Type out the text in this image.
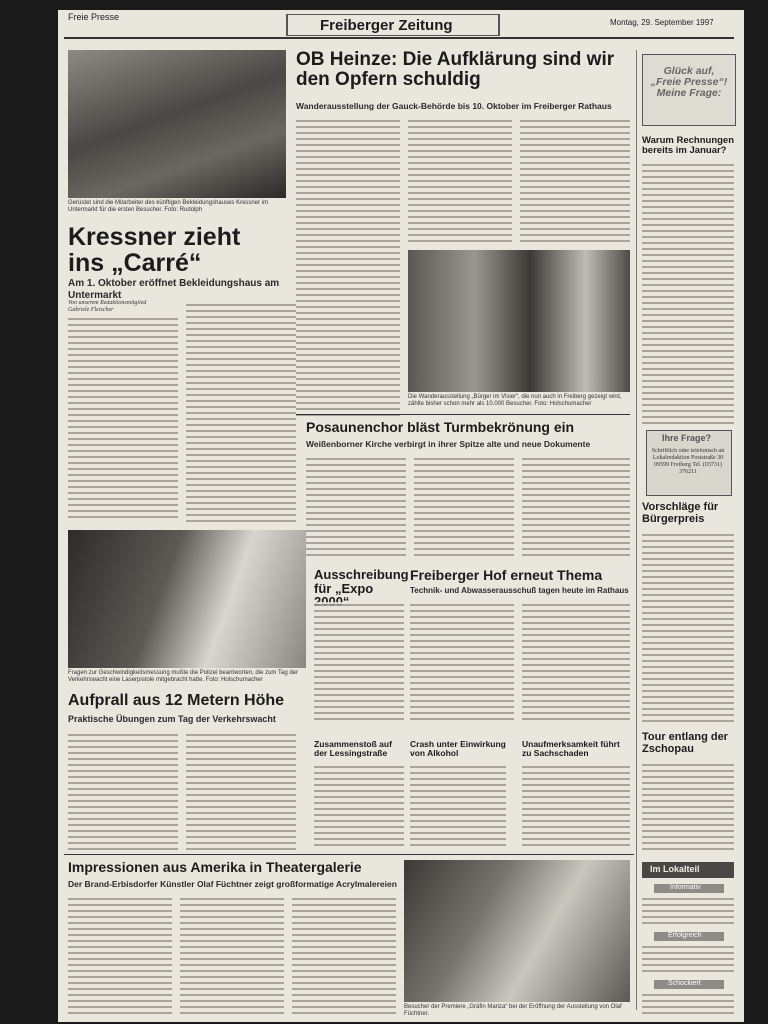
Freie Presse	Freiberger Zeitung	Montag, 29. September 1997
Gerüstet sind die Mitarbeiter des künftigen Bekleidungshauses Kressner im Untermarkt für die ersten Besucher. Foto: Rudolph
Kressner zieht ins „Carré“
Am 1. Oktober eröffnet Bekleidungshaus am Untermarkt
Von unserem Redaktionsmitglied Gabriele Fleischer
Fragen zur Geschwindigkeitsmessung mußte die Polizei beantworten, die zum Tag der Verkehrswacht eine Laserpistole mitgebracht hatte. Foto: Holschumacher
Aufprall aus 12 Metern Höhe
Praktische Übungen zum Tag der Verkehrswacht
OB Heinze: Die Aufklärung sind wir den Opfern schuldig
Wanderausstellung der Gauck-Behörde bis 10. Oktober im Freiberger Rathaus
Die Wanderausstellung „Bürger im Visier“, die nun auch in Freiberg gezeigt wird, zählte bisher schon mehr als 10.000 Besucher. Foto: Holschumacher
Posaunenchor bläst Turmbekrönung ein
Weißenborner Kirche verbirgt in ihrer Spitze alte und neue Dokumente
Ausschreibung für „Expo
Freiberger Hof erneut Thema
Technik- und Abwasserausschuß tagen heute im Rathaus
Zusammenstoß auf der Lessingstraße
Crash unter Einwirkung von Alkohol
Unaufmerksamkeit führt zu Sachschaden
Impressionen aus Amerika in Theatergalerie
Der Brand-Erbisdorfer Künstler Olaf Füchtner zeigt großformatige Acrylmalereien
Besucher der Premiere „Gräfin Mariza“ bei der Eröffnung der Ausstellung von Olaf Füchtner.
Glück auf, „Freie Presse“! Meine Frage:
Warum Rechnungen bereits im Januar?
Ihre Frage?
Schriftlich oder telefonisch an Lokalredaktion Poststraße 30 09599 Freiberg Tel. (03731) 376211
Vorschläge für Bürgerpreis
Tour entlang der Zschopau
Im Lokalteil
Informativ
Erfolgreich
Schockiert
